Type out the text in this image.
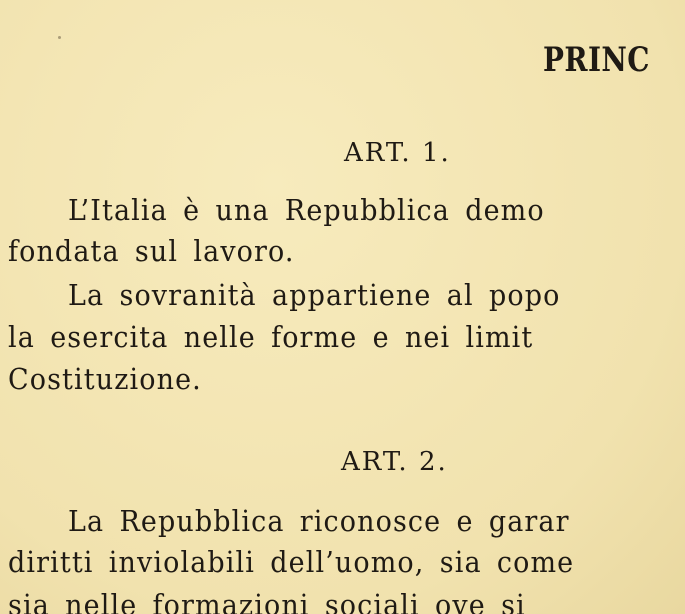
PRINC
ART. 1.
L’Italia è una Repubblica demo
fondata sul lavoro.
La sovranità appartiene al popo
la esercita nelle forme e nei limit
Costituzione.
ART. 2.
La Repubblica riconosce e garar
diritti inviolabili dell’uomo, sia come
sia nelle formazioni sociali ove si
